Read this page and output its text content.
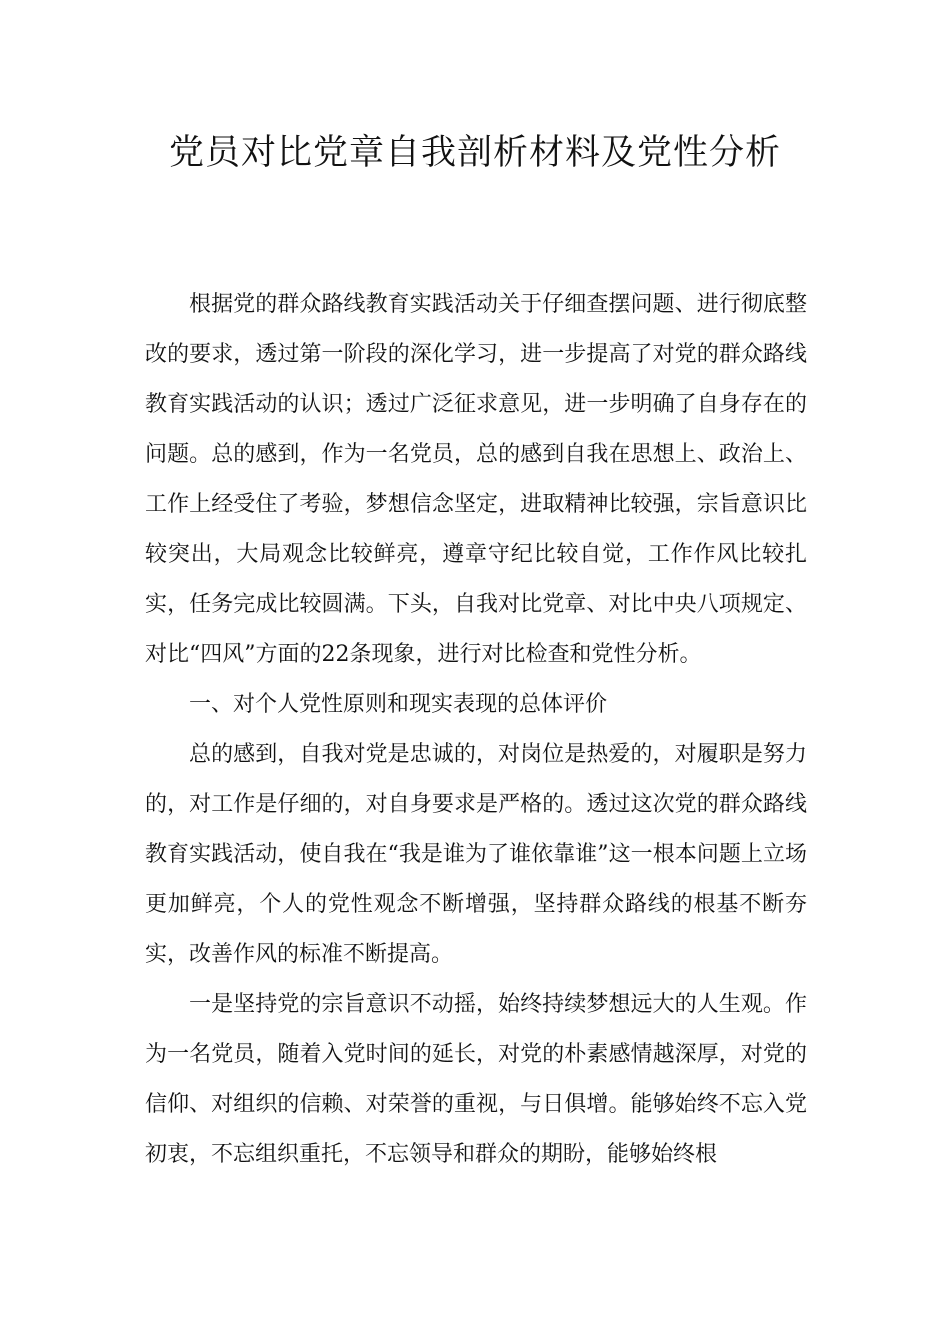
党员对比党章自我剖析材料及党性分析

根据党的群众路线教育实践活动关于仔细查摆问题、进行彻底整改的要求，透过第一阶段的深化学习，进一步提高了对党的群众路线教育实践活动的认识；透过广泛征求意见，进一步明确了自身存在的问题。总的感到，作为一名党员，总的感到自我在思想上、政治上、工作上经受住了考验，梦想信念坚定，进取精神比较强，宗旨意识比较突出，大局观念比较鲜亮，遵章守纪比较自觉，工作作风比较扎实，任务完成比较圆满。下头，自我对比党章、对比中央八项规定、对比“四风”方面的22条现象，进行对比检查和党性分析。

一、对个人党性原则和现实表现的总体评价

总的感到，自我对党是忠诚的，对岗位是热爱的，对履职是努力的，对工作是仔细的，对自身要求是严格的。透过这次党的群众路线教育实践活动，使自我在“我是谁为了谁依靠谁”这一根本问题上立场更加鲜亮，个人的党性观念不断增强，坚持群众路线的根基不断夯实，改善作风的标准不断提高。

一是坚持党的宗旨意识不动摇，始终持续梦想远大的人生观。作为一名党员，随着入党时间的延长，对党的朴素感情越深厚，对党的信仰、对组织的信赖、对荣誉的重视，与日俱增。能够始终不忘入党初衷，不忘组织重托，不忘领导和群众的期盼，能够始终根
